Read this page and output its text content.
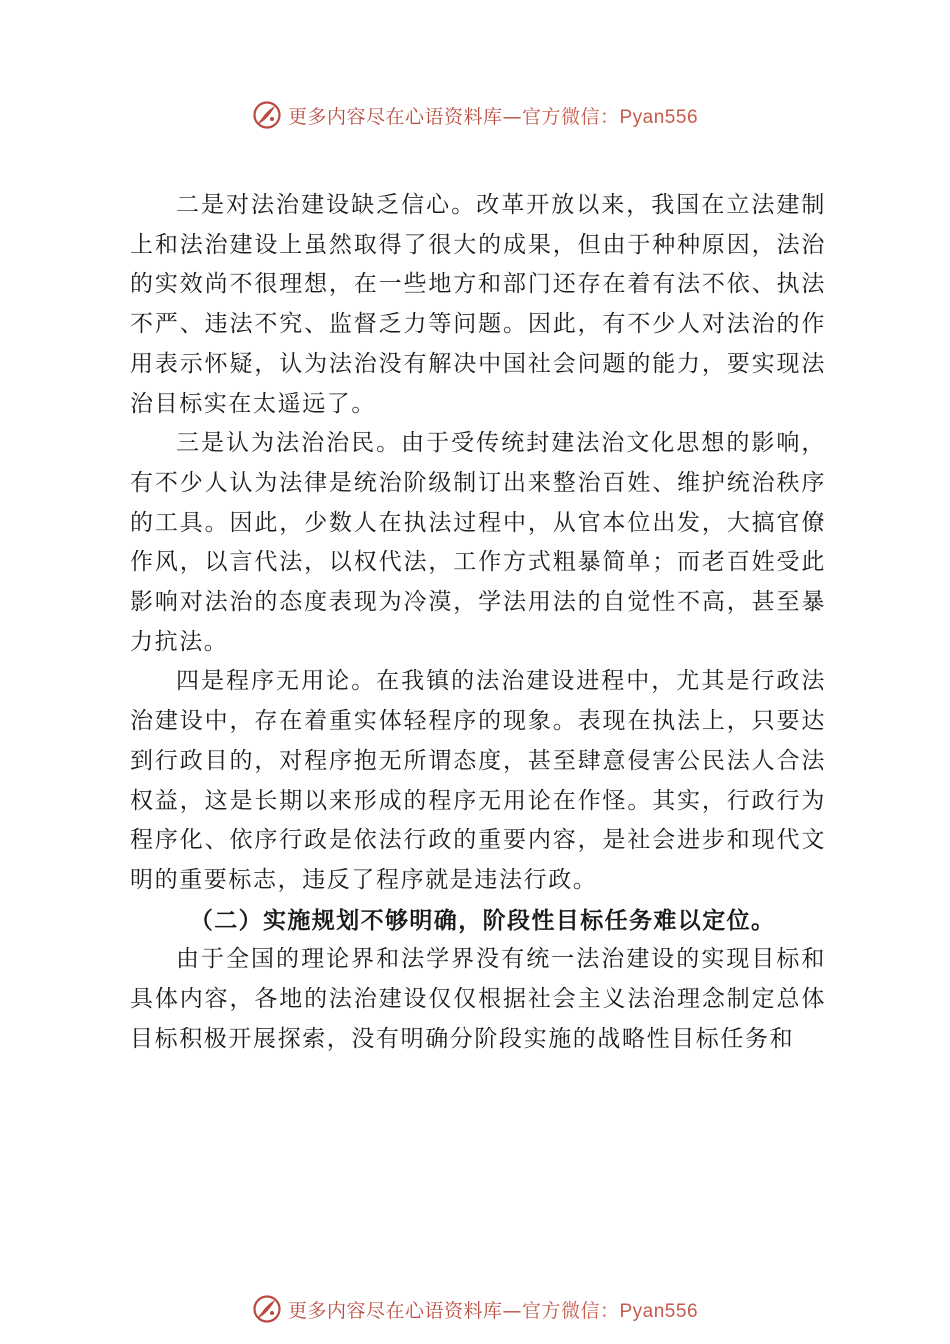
更多内容尽在心语资料库—官方微信：Pyan556

二是对法治建设缺乏信心。改革开放以来，我国在立法建制上和法治建设上虽然取得了很大的成果，但由于种种原因，法治的实效尚不很理想，在一些地方和部门还存在着有法不依、执法不严、违法不究、监督乏力等问题。因此，有不少人对法治的作用表示怀疑，认为法治没有解决中国社会问题的能力，要实现法治目标实在太遥远了。

三是认为法治治民。由于受传统封建法治文化思想的影响，有不少人认为法律是统治阶级制订出来整治百姓、维护统治秩序的工具。因此，少数人在执法过程中，从官本位出发，大搞官僚作风，以言代法，以权代法，工作方式粗暴简单；而老百姓受此影响对法治的态度表现为冷漠，学法用法的自觉性不高，甚至暴力抗法。

四是程序无用论。在我镇的法治建设进程中，尤其是行政法治建设中，存在着重实体轻程序的现象。表现在执法上，只要达到行政目的，对程序抱无所谓态度，甚至肆意侵害公民法人合法权益，这是长期以来形成的程序无用论在作怪。其实，行政行为程序化、依序行政是依法行政的重要内容，是社会进步和现代文明的重要标志，违反了程序就是违法行政。

（二）实施规划不够明确，阶段性目标任务难以定位。

由于全国的理论界和法学界没有统一法治建设的实现目标和具体内容，各地的法治建设仅仅根据社会主义法治理念制定总体目标积极开展探索，没有明确分阶段实施的战略性目标任务和

更多内容尽在心语资料库—官方微信：Pyan556
